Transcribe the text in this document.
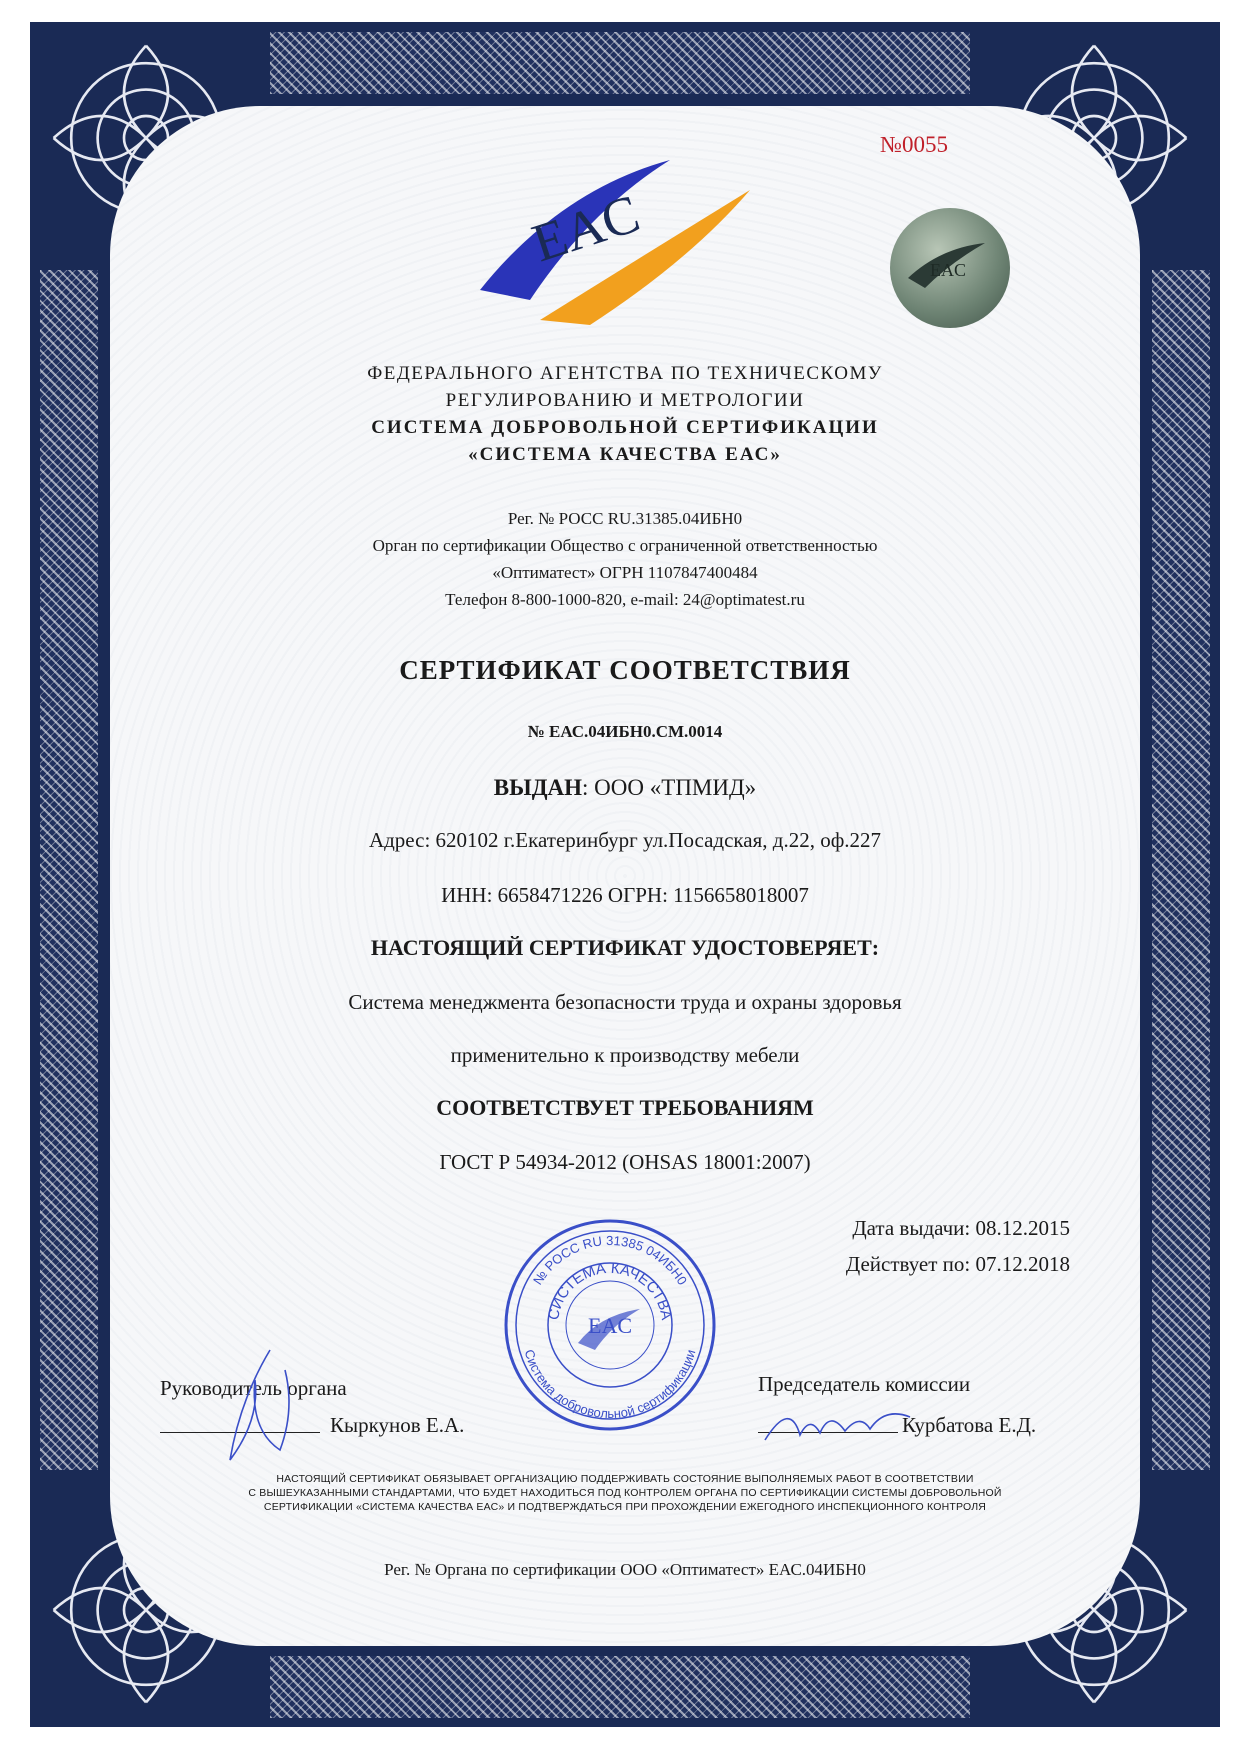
№0055
EAC	EAC
ФЕДЕРАЛЬНОГО АГЕНТСТВА ПО ТЕХНИЧЕСКОМУ
РЕГУЛИРОВАНИЮ И МЕТРОЛОГИИ
СИСТЕМА ДОБРОВОЛЬНОЙ СЕРТИФИКАЦИИ
«СИСТЕМА КАЧЕСТВА ЕАС»
Рег. № РОСС RU.31385.04ИБН0
Орган по сертификации Общество с ограниченной ответственностью
«Оптиматест» ОГРН 1107847400484
Телефон 8-800-1000-820, e-mail: 24@optimatest.ru
СЕРТИФИКАТ СООТВЕТСТВИЯ
№ ЕАС.04ИБН0.СМ.0014
ВЫДАН: ООО «ТПМИД»
Адрес: 620102 г.Екатеринбург ул.Посадская, д.22, оф.227
ИНН: 6658471226 ОГРН: 1156658018007
НАСТОЯЩИЙ СЕРТИФИКАТ УДОСТОВЕРЯЕТ:
Система менеджмента безопасности труда и охраны здоровья
применительно к производству мебели
СООТВЕТСТВУЕТ ТРЕБОВАНИЯМ
ГОСТ Р 54934-2012 (OHSAS 18001:2007)
Дата выдачи: 08.12.2015
Действует по: 07.12.2018
№ РОСС RU 31385 04ИБН0
СИСТЕМА КАЧЕСТВА
Система добровольной сертификации
EAC
Руководитель органа
Кыркунов Е.А.
Председатель комиссии
Курбатова Е.Д.
НАСТОЯЩИЙ СЕРТИФИКАТ ОБЯЗЫВАЕТ ОРГАНИЗАЦИЮ ПОДДЕРЖИВАТЬ СОСТОЯНИЕ ВЫПОЛНЯЕМЫХ РАБОТ В СООТВЕТСТВИИ
С ВЫШЕУКАЗАННЫМИ СТАНДАРТАМИ, ЧТО БУДЕТ НАХОДИТЬСЯ ПОД КОНТРОЛЕМ ОРГАНА ПО СЕРТИФИКАЦИИ СИСТЕМЫ ДОБРОВОЛЬНОЙ
СЕРТИФИКАЦИИ «СИСТЕМА КАЧЕСТВА ЕАС» И ПОДТВЕРЖДАТЬСЯ ПРИ ПРОХОЖДЕНИИ ЕЖЕГОДНОГО ИНСПЕКЦИОННОГО КОНТРОЛЯ
Рег. № Органа по сертификации ООО «Оптиматест» ЕАС.04ИБН0
